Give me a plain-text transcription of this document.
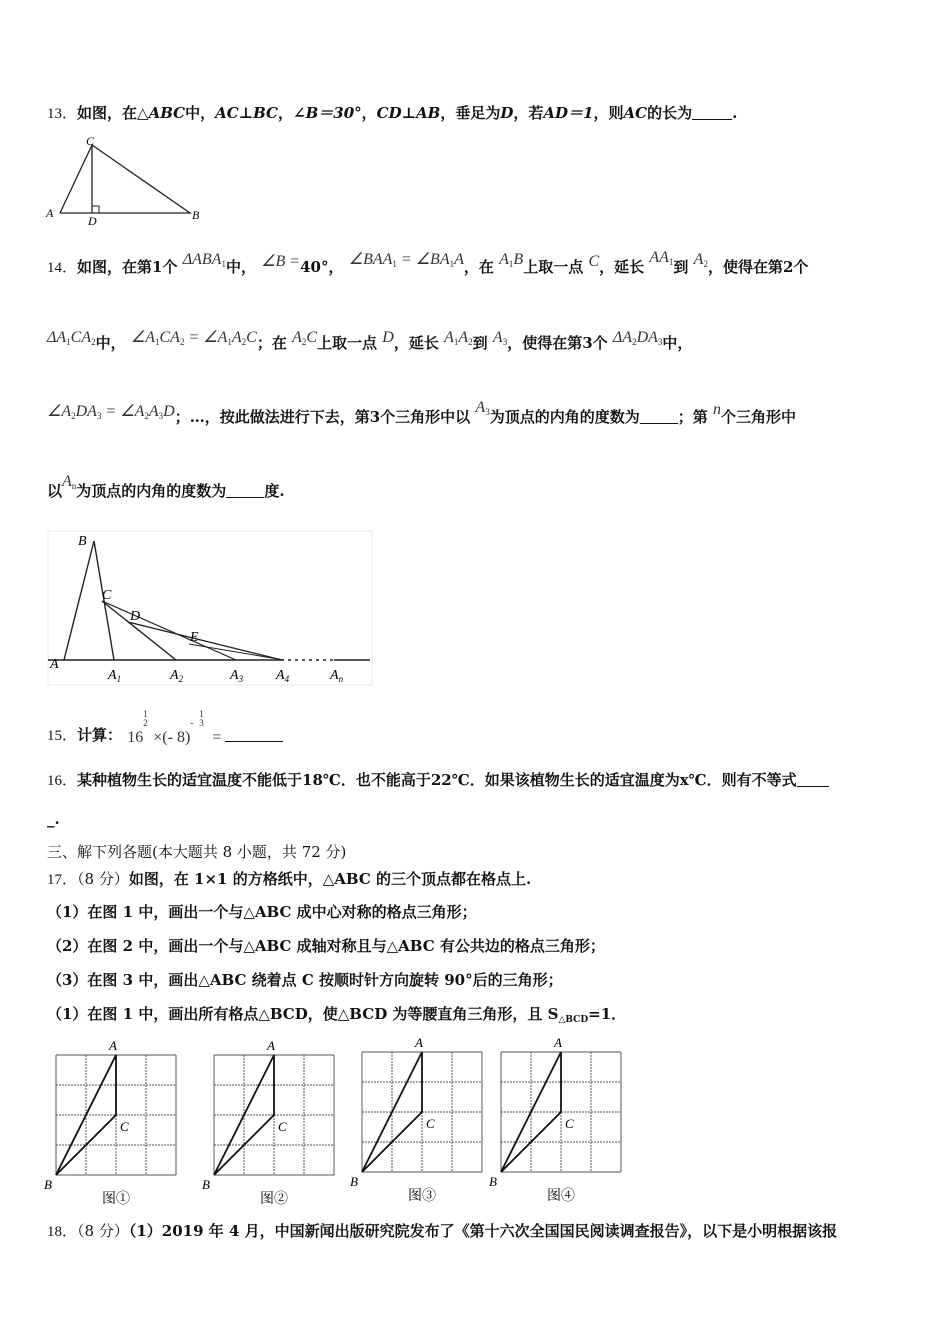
13．如图，在△ABC中，AC⊥BC，∠B＝30°，CD⊥AB，垂足为D，若AD＝1，则AC的长为	.
C
A
D	B
14．如图，在第1个 $\Delta ABA_1$中， ∠B =40°， $\angle BAA_1$ = $\angle BA_1A$，在 $A_1B$上取一点 C，延长 $AA_1$到 $A_2$，使得在第2个
$\Delta A_1CA_2$中， $\angle A_1CA_2$ = $\angle A_1A_2C$；在 $A_2C$上取一点 D，延长 $A_1A_2$到 $A_3$，使得在第3个 $\Delta A_2DA_3$中，
$\angle A_2DA_3$ = $\angle A_2A_3D$；…，按此做法进行下去，第3个三角形中以 $A_3$为顶点的内角的度数为	；第 n个三角形中
以$A_n$为顶点的内角的度数为	度.
B
C
D
E
A
$A_1$	$A_2$	$A_3$ $A_4$	$A_n$
15．计算： 16
1
2
×(- 8)
-
1
3
=
16．某种植物生长的适宜温度不能低于18℃．也不能高于22℃．如果该植物生长的适宜温度为x℃．则有不等式
_.
三、解下列各题(本大题共 8 小题，共 72 分)
17．（8 分）如图，在 1×1 的方格纸中，△ABC 的三个顶点都在格点上.
（1）在图 1 中，画出一个与△ABC 成中心对称的格点三角形；
（2）在图 2 中，画出一个与△ABC 成轴对称且与△ABC 有公共边的格点三角形；
（3）在图 3 中，画出△ABC 绕着点 C 按顺时针方向旋转 90°后的三角形；
（1）在图 1 中，画出所有格点△BCD，使△BCD 为等腰直角三角形，且 $S_{\triangle BCD}=1$．
A
B
C
图①
A
B
C
图②
A
B
C
图③
A
B
C
图④
18．（8 分）（1）2019 年 4 月，中国新闻出版研究院发布了《第十六次全国国民阅读调查报告》，以下是小明根据该报
